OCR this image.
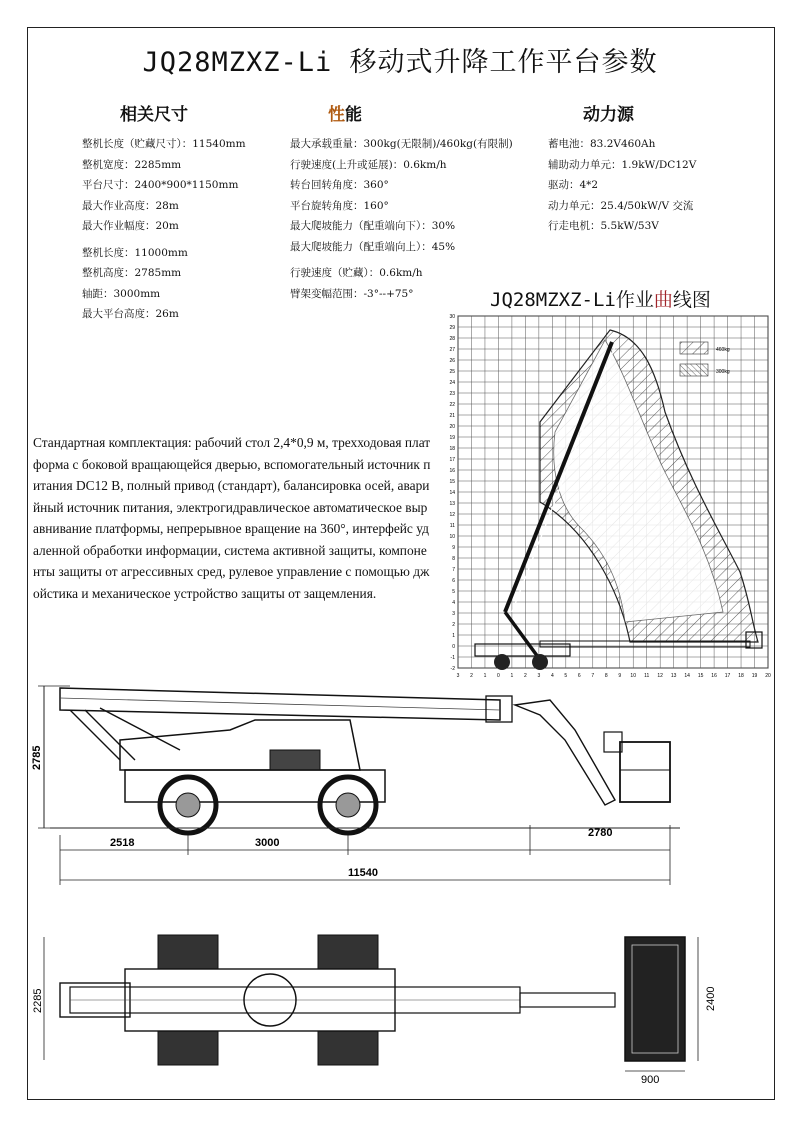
JQ28MZXZ-Li 移动式升降工作平台参数
相关尺寸	性能	动力源
整机长度（贮藏尺寸）：11540mm
整机宽度：2285mm
平台尺寸：2400*900*1150mm
最大作业高度：28m
最大作业幅度：20m
整机长度：11000mm
整机高度：2785mm
轴距：3000mm
最大平台高度：26m
最大承载重量：300kg(无限制)/460kg(有限制)
行驶速度(上升或延展)：0.6km/h
转台回转角度：360°
平台旋转角度：160°
最大爬坡能力（配重端向下）：30%
最大爬坡能力（配重端向上）：45%
行驶速度（贮藏）：0.6km/h
臂架变幅范围：-3°--+75°
蓄电池：83.2V460Ah
辅助动力单元：1.9kW/DC12V
驱动：4*2
动力单元：25.4/50kW/V 交流
行走电机：5.5kW/53V
JQ28MZXZ-Li作业曲线图
30
29
28
27
26
25
24
23
22
21
20
19
18
17
16
15
14
13
12
11
10
9
8
7
6
5
4
3
2
1
0
-1
-2
3 2 1 0 1 2 3 4 5 6 7 8 9 10 11 12 13 14 15 16 17 18 19 20
460kg
300kg
Стандартная комплектация: рабочий стол 2,4*0,9 м, трехходовая платформа с боковой вращающейся дверью, вспомогательный источник питания DC12 В, полный привод (стандарт), балансировка осей, аварийный источник питания, электрогидравлическое автоматическое выравнивание платформы, непрерывное вращение на 360°, интерфейс удаленной обработки информации, система активной защиты, компоненты защиты от агрессивных сред, рулевое управление с помощью джойстика и механическое устройство защиты от защемления.
2785
2518	3000
2780
11540
2285	2400
900
